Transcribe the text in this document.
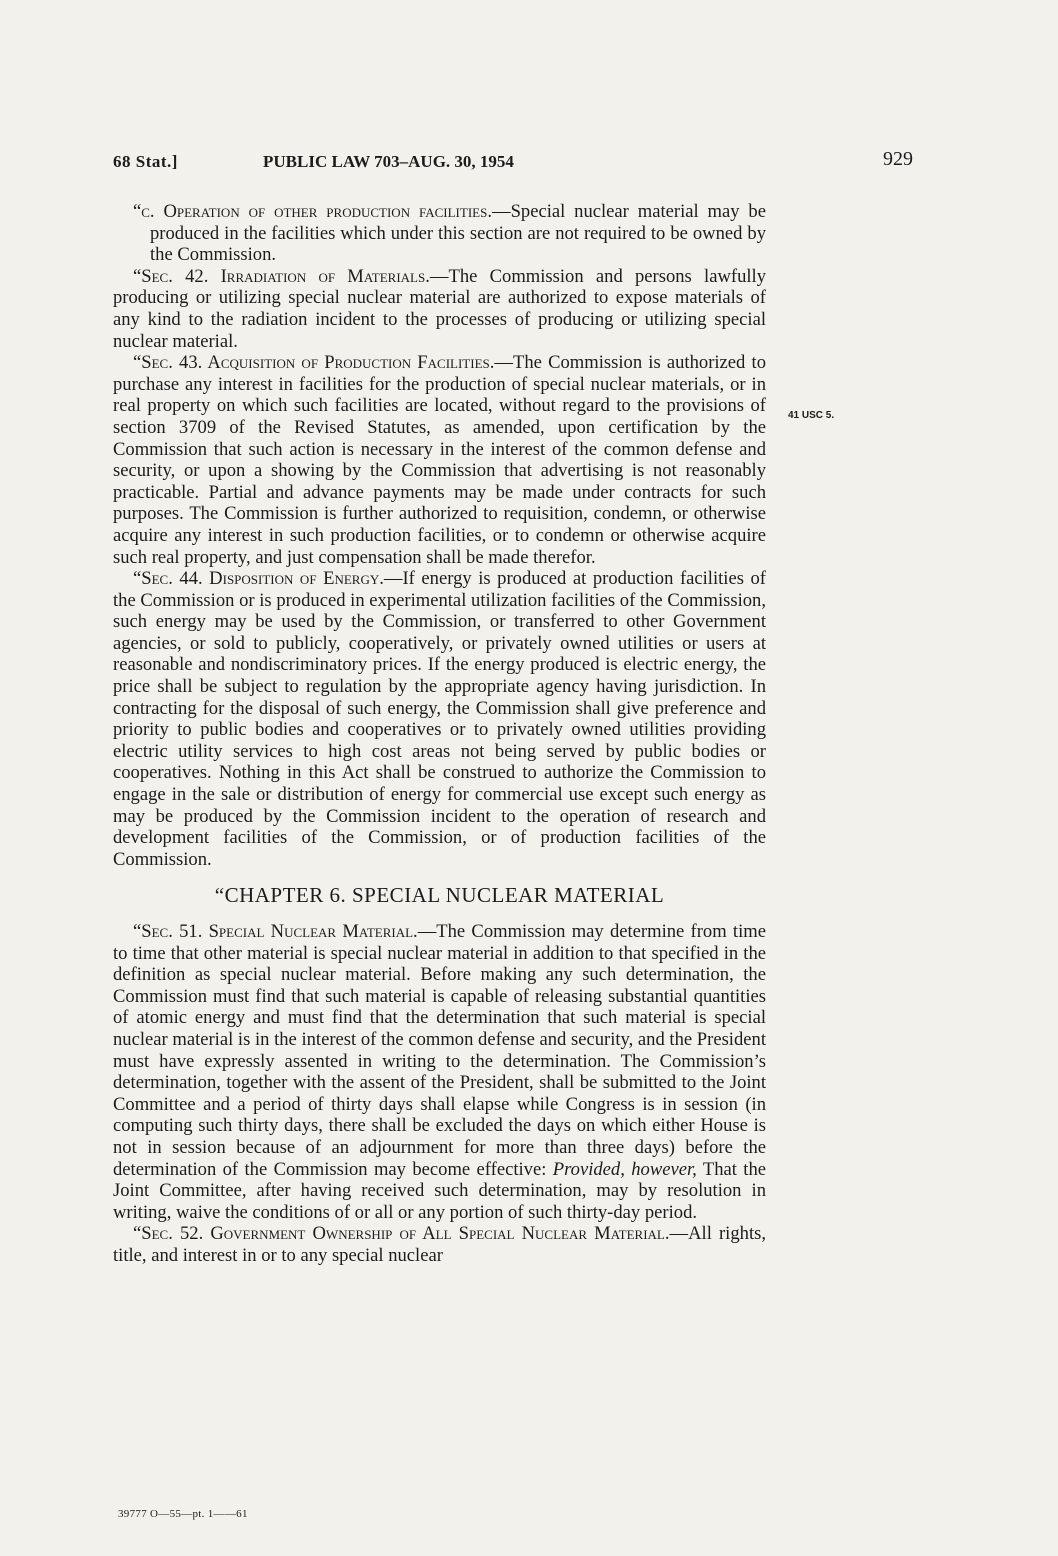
68 Stat.]	PUBLIC LAW 703–AUG. 30, 1954	929
41 USC 5.

“c. Operation of other production facilities.—Special nuclear material may be produced in the facilities which under this section are not required to be owned by the Commission.

“Sec. 42. Irradiation of Materials.—The Commission and persons lawfully producing or utilizing special nuclear material are authorized to expose materials of any kind to the radiation incident to the processes of producing or utilizing special nuclear material.

“Sec. 43. Acquisition of Production Facilities.—The Commission is authorized to purchase any interest in facilities for the production of special nuclear materials, or in real property on which such facilities are located, without regard to the provisions of section 3709 of the Revised Statutes, as amended, upon certification by the Commission that such action is necessary in the interest of the common defense and security, or upon a showing by the Commission that advertising is not reasonably practicable. Partial and advance payments may be made under contracts for such purposes. The Commission is further authorized to requisition, condemn, or otherwise acquire any interest in such production facilities, or to condemn or otherwise acquire such real property, and just compensation shall be made therefor.

“Sec. 44. Disposition of Energy.—If energy is produced at production facilities of the Commission or is produced in experimental utilization facilities of the Commission, such energy may be used by the Commission, or transferred to other Government agencies, or sold to publicly, cooperatively, or privately owned utilities or users at reasonable and nondiscriminatory prices. If the energy produced is electric energy, the price shall be subject to regulation by the appropriate agency having jurisdiction. In contracting for the disposal of such energy, the Commission shall give preference and priority to public bodies and cooperatives or to privately owned utilities providing electric utility services to high cost areas not being served by public bodies or cooperatives. Nothing in this Act shall be construed to authorize the Commission to engage in the sale or distribution of energy for commercial use except such energy as may be produced by the Commission incident to the operation of research and development facilities of the Commission, or of production facilities of the Commission.

“CHAPTER 6. SPECIAL NUCLEAR MATERIAL

“Sec. 51. Special Nuclear Material.—The Commission may determine from time to time that other material is special nuclear material in addition to that specified in the definition as special nuclear material. Before making any such determination, the Commission must find that such material is capable of releasing substantial quantities of atomic energy and must find that the determination that such material is special nuclear material is in the interest of the common defense and security, and the President must have expressly assented in writing to the determination. The Commission’s determination, together with the assent of the President, shall be submitted to the Joint Committee and a period of thirty days shall elapse while Congress is in session (in computing such thirty days, there shall be excluded the days on which either House is not in session because of an adjournment for more than three days) before the determination of the Commission may become effective: Provided, however, That the Joint Committee, after having received such determination, may by resolution in writing, waive the conditions of or all or any portion of such thirty-day period.

“Sec. 52. Government Ownership of All Special Nuclear Material.—All rights, title, and interest in or to any special nuclear

39777 O—55—pt. 1——61
